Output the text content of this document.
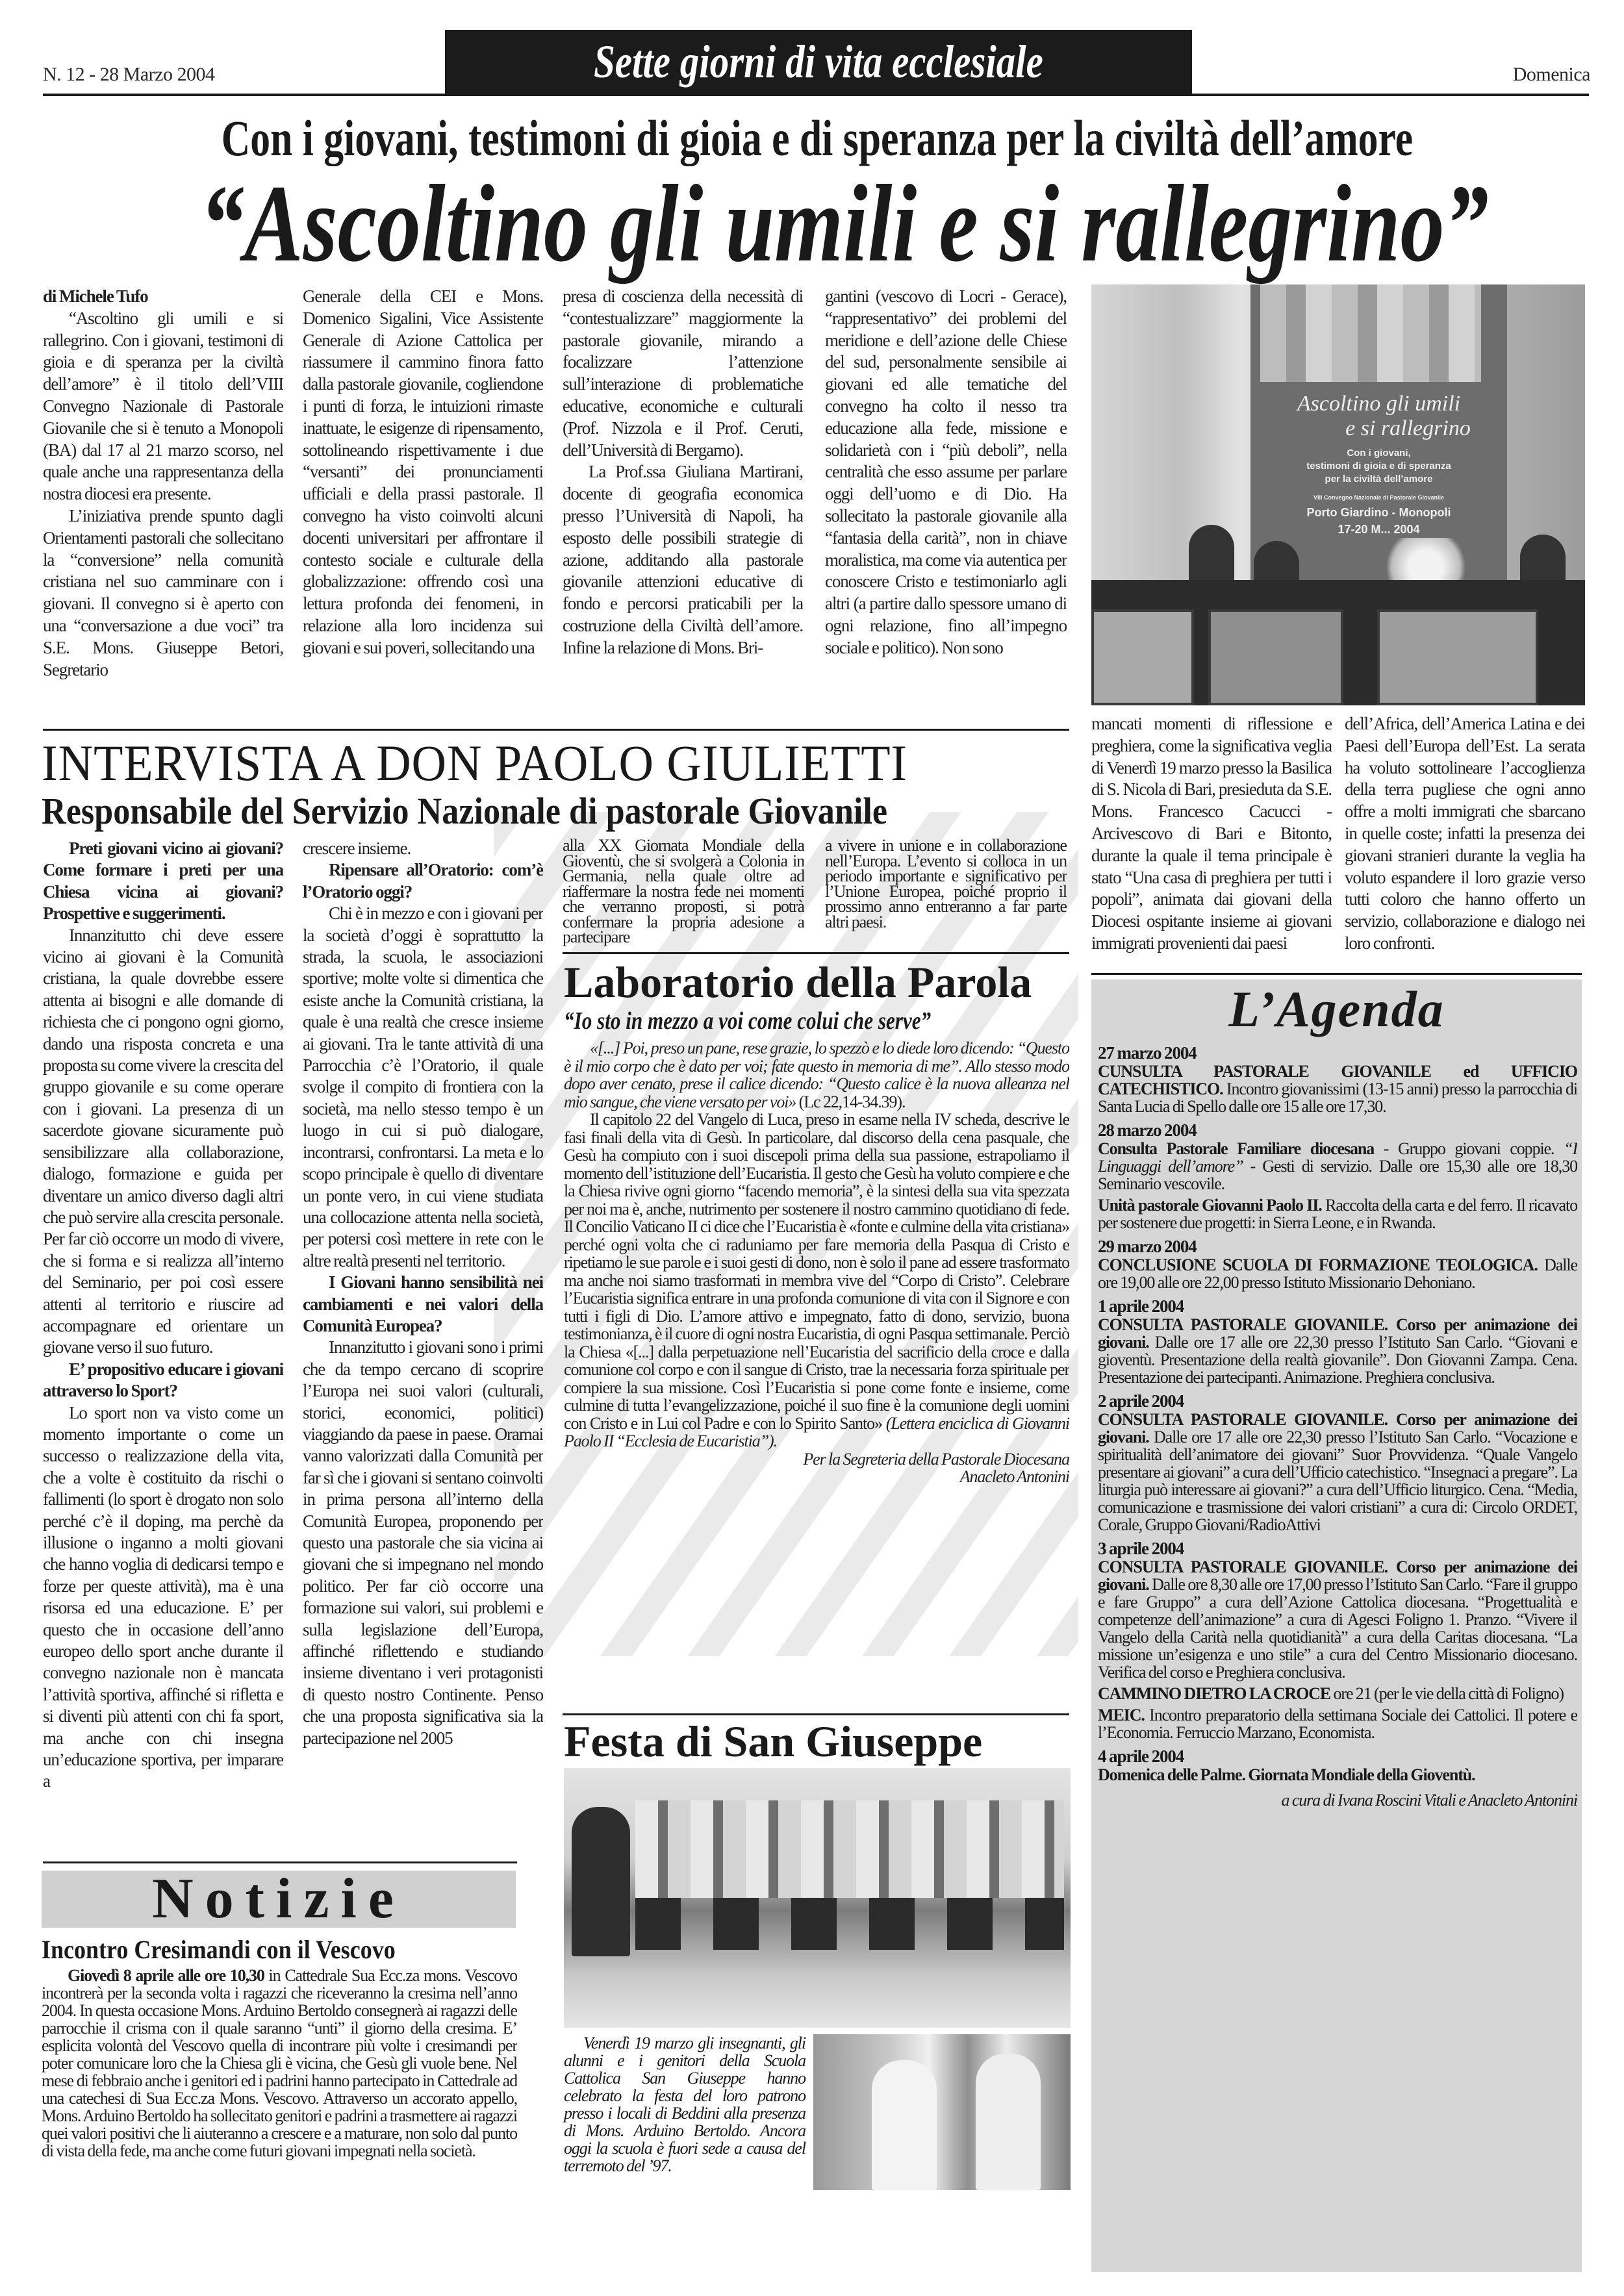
N. 12 - 28 Marzo 2004	Sette giorni di vita ecclesiale	Domenica
Con i giovani, testimoni di gioia e di speranza per la civiltà dell’amore
“Ascoltino gli umili e si rallegrino”

di Michele Tufo

“Ascoltino gli umili e si rallegrino. Con i giovani, testimoni di gioia e di speranza per la civiltà dell’amore” è il titolo dell’VIII Convegno Nazionale di Pastorale Giovanile che si è tenuto a Monopoli (BA) dal 17 al 21 marzo scorso, nel quale anche una rappresentanza della nostra diocesi era presente.

L’iniziativa prende spunto dagli Orientamenti pastorali che sollecitano la “conversione” nella comunità cristiana nel suo camminare con i giovani. Il convegno si è aperto con una “conversazione a due voci” tra S.E. Mons. Giuseppe Betori, Segretario

Generale della CEI e Mons. Domenico Sigalini, Vice Assistente Generale di Azione Cattolica per riassumere il cammino finora fatto dalla pastorale giovanile, cogliendone i punti di forza, le intuizioni rimaste inattuate, le esigenze di ripensamento, sottolineando rispettivamente i due “versanti” dei pronunciamenti ufficiali e della prassi pastorale. Il convegno ha visto coinvolti alcuni docenti universitari per affrontare il contesto sociale e culturale della globalizzazione: offrendo così una lettura profonda dei fenomeni, in relazione alla loro incidenza sui giovani e sui poveri, sollecitando una

presa di coscienza della necessità di “contestualizzare” maggiormente la pastorale giovanile, mirando a focalizzare l’attenzione sull’interazione di problematiche educative, economiche e culturali (Prof. Nizzola e il Prof. Ceruti, dell’Università di Bergamo).

La Prof.ssa Giuliana Martirani, docente di geografia economica presso l’Università di Napoli, ha esposto delle possibili strategie di azione, additando alla pastorale giovanile attenzioni educative di fondo e percorsi praticabili per la costruzione della Civiltà dell’amore. Infine la relazione di Mons. Bri-

gantini (vescovo di Locri - Gerace), “rappresentativo” dei problemi del meridione e dell’azione delle Chiese del sud, personalmente sensibile ai giovani ed alle tematiche del convegno ha colto il nesso tra educazione alla fede, missione e solidarietà con i “più deboli”, nella centralità che esso assume per parlare oggi dell’uomo e di Dio. Ha sollecitato la pastorale giovanile alla “fantasia della carità”, non in chiave moralistica, ma come via autentica per conoscere Cristo e testimoniarlo agli altri (a partire dallo spessore umano di ogni relazione, fino all’impegno sociale e politico). Non sono

Ascoltino gli umili
e si rallegrino
Con i giovani,
testimoni di gioia e di speranza
per la civiltà dell’amore
VIII Convegno Nazionale di Pastorale Giovanile
Porto Giardino - Monopoli
17-20 M... 2004

mancati momenti di riflessione e preghiera, come la significativa veglia di Venerdì 19 marzo presso la Basilica di S. Nicola di Bari, presieduta da S.E. Mons. Francesco Cacucci - Arcivescovo di Bari e Bitonto, durante la quale il tema principale è stato “Una casa di preghiera per tutti i popoli”, animata dai giovani della Diocesi ospitante insieme ai giovani immigrati provenienti dai paesi

dell’Africa, dell’America Latina e dei Paesi dell’Europa dell’Est. La serata ha voluto sottolineare l’accoglienza della terra pugliese che ogni anno offre a molti immigrati che sbarcano in quelle coste; infatti la presenza dei giovani stranieri durante la veglia ha voluto espandere il loro grazie verso tutti coloro che hanno offerto un servizio, collaborazione e dialogo nei loro confronti.

INTERVISTA A DON PAOLO GIULIETTI
Responsabile del Servizio Nazionale di pastorale Giovanile

Preti giovani vicino ai giovani? Come formare i preti per una Chiesa vicina ai giovani? Prospettive e suggerimenti.

Innanzitutto chi deve essere vicino ai giovani è la Comunità cristiana, la quale dovrebbe essere attenta ai bisogni e alle domande di richiesta che ci pongono ogni giorno, dando una risposta concreta e una proposta su come vivere la crescita del gruppo giovanile e su come operare con i giovani. La presenza di un sacerdote giovane sicuramente può sensibilizzare alla collaborazione, dialogo, formazione e guida per diventare un amico diverso dagli altri che può servire alla crescita personale. Per far ciò occorre un modo di vivere, che si forma e si realizza all’interno del Seminario, per poi così essere attenti al territorio e riuscire ad accompagnare ed orientare un giovane verso il suo futuro.

E’ propositivo educare i giovani attraverso lo Sport?

Lo sport non va visto come un momento importante o come un successo o realizzazione della vita, che a volte è costituito da rischi o fallimenti (lo sport è drogato non solo perché c’è il doping, ma perchè da illusione o inganno a molti giovani che hanno voglia di dedicarsi tempo e forze per queste attività), ma è una risorsa ed una educazione. E’ per questo che in occasione dell’anno europeo dello sport anche durante il convegno nazionale non è mancata l’attività sportiva, affinché si rifletta e si diventi più attenti con chi fa sport, ma anche con chi insegna un’educazione sportiva, per imparare a

crescere insieme.

Ripensare all’Oratorio: com’è l’Oratorio oggi?

Chi è in mezzo e con i giovani per la società d’oggi è soprattutto la strada, la scuola, le associazioni sportive; molte volte si dimentica che esiste anche la Comunità cristiana, la quale è una realtà che cresce insieme ai giovani. Tra le tante attività di una Parrocchia c’è l’Oratorio, il quale svolge il compito di frontiera con la società, ma nello stesso tempo è un luogo in cui si può dialogare, incontrarsi, confrontarsi. La meta e lo scopo principale è quello di diventare un ponte vero, in cui viene studiata una collocazione attenta nella società, per potersi così mettere in rete con le altre realtà presenti nel territorio.

I Giovani hanno sensibilità nei cambiamenti e nei valori della Comunità Europea?

Innanzitutto i giovani sono i primi che da tempo cercano di scoprire l’Europa nei suoi valori (culturali, storici, economici, politici) viaggiando da paese in paese. Oramai vanno valorizzati dalla Comunità per far sì che i giovani si sentano coinvolti in prima persona all’interno della Comunità Europea, proponendo per questo una pastorale che sia vicina ai giovani che si impegnano nel mondo politico. Per far ciò occorre una formazione sui valori, sui problemi e sulla legislazione dell’Europa, affinché riflettendo e studiando insieme diventano i veri protagonisti di questo nostro Continente. Penso che una proposta significativa sia la partecipazione nel 2005

alla XX Giornata Mondiale della Gioventù, che si svolgerà a Colonia in Germania, nella quale oltre ad riaffermare la nostra fede nei momenti che verranno proposti, si potrà confermare la propria adesione a partecipare

a vivere in unione e in collaborazione nell’Europa. L’evento si colloca in un periodo importante e significativo per l’Unione Europea, poiché proprio il prossimo anno entreranno a far parte altri paesi.

Laboratorio della Parola
“Io sto in mezzo a voi come colui che serve”

«[...] Poi, preso un pane, rese grazie, lo spezzò e lo diede loro dicendo: “Questo è il mio corpo che è dato per voi; fate questo in memoria di me”. Allo stesso modo dopo aver cenato, prese il calice dicendo: “Questo calice è la nuova alleanza nel mio sangue, che viene versato per voi» (Lc 22,14-34.39).

Il capitolo 22 del Vangelo di Luca, preso in esame nella IV scheda, descrive le fasi finali della vita di Gesù. In particolare, dal discorso della cena pasquale, che Gesù ha compiuto con i suoi discepoli prima della sua passione, estrapoliamo il momento dell’istituzione dell’Eucaristia. Il gesto che Gesù ha voluto compiere e che la Chiesa rivive ogni giorno “facendo memoria”, è la sintesi della sua vita spezzata per noi ma è, anche, nutrimento per sostenere il nostro cammino quotidiano di fede. Il Concilio Vaticano II ci dice che l’Eucaristia è «fonte e culmine della vita cristiana» perché ogni volta che ci raduniamo per fare memoria della Pasqua di Cristo e ripetiamo le sue parole e i suoi gesti di dono, non è solo il pane ad essere trasformato ma anche noi siamo trasformati in membra vive del “Corpo di Cristo”. Celebrare l’Eucaristia significa entrare in una profonda comunione di vita con il Signore e con tutti i figli di Dio. L’amore attivo e impegnato, fatto di dono, servizio, buona testimonianza, è il cuore di ogni nostra Eucaristia, di ogni Pasqua settimanale. Perciò la Chiesa «[...] dalla perpetuazione nell’Eucaristia del sacrificio della croce e dalla comunione col corpo e con il sangue di Cristo, trae la necessaria forza spirituale per compiere la sua missione. Così l’Eucaristia si pone come fonte e insieme, come culmine di tutta l’evangelizzazione, poiché il suo fine è la comunione degli uomini con Cristo e in Lui col Padre e con lo Spirito Santo» (Lettera enciclica di Giovanni Paolo II “Ecclesia de Eucaristia”).

Per la Segreteria della Pastorale Diocesana
Anacleto Antonini
Festa di San Giuseppe

Venerdì 19 marzo gli insegnanti, gli alunni e i genitori della Scuola Cattolica San Giuseppe hanno celebrato la festa del loro patrono presso i locali di Beddini alla presenza di Mons. Arduino Bertoldo. Ancora oggi la scuola è fuori sede a causa del terremoto del ’97.

L’Agenda
27 marzo 2004

CUNSULTA PASTORALE GIOVANILE ed UFFICIO CATECHISTICO. Incontro giovanissimi (13-15 anni) presso la parrocchia di Santa Lucia di Spello dalle ore 15 alle ore 17,30.

28 marzo 2004

Consulta Pastorale Familiare diocesana - Gruppo giovani coppie. “I Linguaggi dell’amore” - Gesti di servizio. Dalle ore 15,30 alle ore 18,30 Seminario vescovile.

Unità pastorale Giovanni Paolo II. Raccolta della carta e del ferro. Il ricavato per sostenere due progetti: in Sierra Leone, e in Rwanda.

29 marzo 2004

CONCLUSIONE SCUOLA DI FORMAZIONE TEOLOGICA. Dalle ore 19,00 alle ore 22,00 presso Istituto Missionario Dehoniano.

1 aprile 2004

CONSULTA PASTORALE GIOVANILE. Corso per animazione dei giovani. Dalle ore 17 alle ore 22,30 presso l’Istituto San Carlo. “Giovani e gioventù. Presentazione della realtà giovanile”. Don Giovanni Zampa. Cena. Presentazione dei partecipanti. Animazione. Preghiera conclusiva.

2 aprile 2004

CONSULTA PASTORALE GIOVANILE. Corso per animazione dei giovani. Dalle ore 17 alle ore 22,30 presso l’Istituto San Carlo. “Vocazione e spiritualità dell’animatore dei giovani” Suor Provvidenza. “Quale Vangelo presentare ai giovani” a cura dell’Ufficio catechistico. “Insegnaci a pregare”. La liturgia può interessare ai giovani?” a cura dell’Ufficio liturgico. Cena. “Media, comunicazione e trasmissione dei valori cristiani” a cura di: Circolo ORDET, Corale, Gruppo Giovani/RadioAttivi

3 aprile 2004

CONSULTA PASTORALE GIOVANILE. Corso per animazione dei giovani. Dalle ore 8,30 alle ore 17,00 presso l’Istituto San Carlo. “Fare il gruppo e fare Gruppo” a cura dell’Azione Cattolica diocesana. “Progettualità e competenze dell’animazione” a cura di Agesci Foligno 1. Pranzo. “Vivere il Vangelo della Carità nella quotidianità” a cura della Caritas diocesana. “La missione un’esigenza e uno stile” a cura del Centro Missionario diocesano. Verifica del corso e Preghiera conclusiva.

CAMMINO DIETRO LA CROCE ore 21 (per le vie della città di Foligno)

MEIC. Incontro preparatorio della settimana Sociale dei Cattolici. Il potere e l’Economia. Ferruccio Marzano, Economista.

4 aprile 2004

Domenica delle Palme. Giornata Mondiale della Gioventù.

a cura di Ivana Roscini Vitali e Anacleto Antonini
Notizie
Incontro Cresimandi con il Vescovo

Giovedì 8 aprile alle ore 10,30 in Cattedrale Sua Ecc.za mons. Vescovo incontrerà per la seconda volta i ragazzi che riceveranno la cresima nell’anno 2004. In questa occasione Mons. Arduino Bertoldo consegnerà ai ragazzi delle parrocchie il crisma con il quale saranno “unti” il giorno della cresima. E’ esplicita volontà del Vescovo quella di incontrare più volte i cresimandi per poter comunicare loro che la Chiesa gli è vicina, che Gesù gli vuole bene. Nel mese di febbraio anche i genitori ed i padrini hanno partecipato in Cattedrale ad una catechesi di Sua Ecc.za Mons. Vescovo. Attraverso un accorato appello, Mons. Arduino Bertoldo ha sollecitato genitori e padrini a trasmettere ai ragazzi quei valori positivi che li aiuteranno a crescere e a maturare, non solo dal punto di vista della fede, ma anche come futuri giovani impegnati nella società.
